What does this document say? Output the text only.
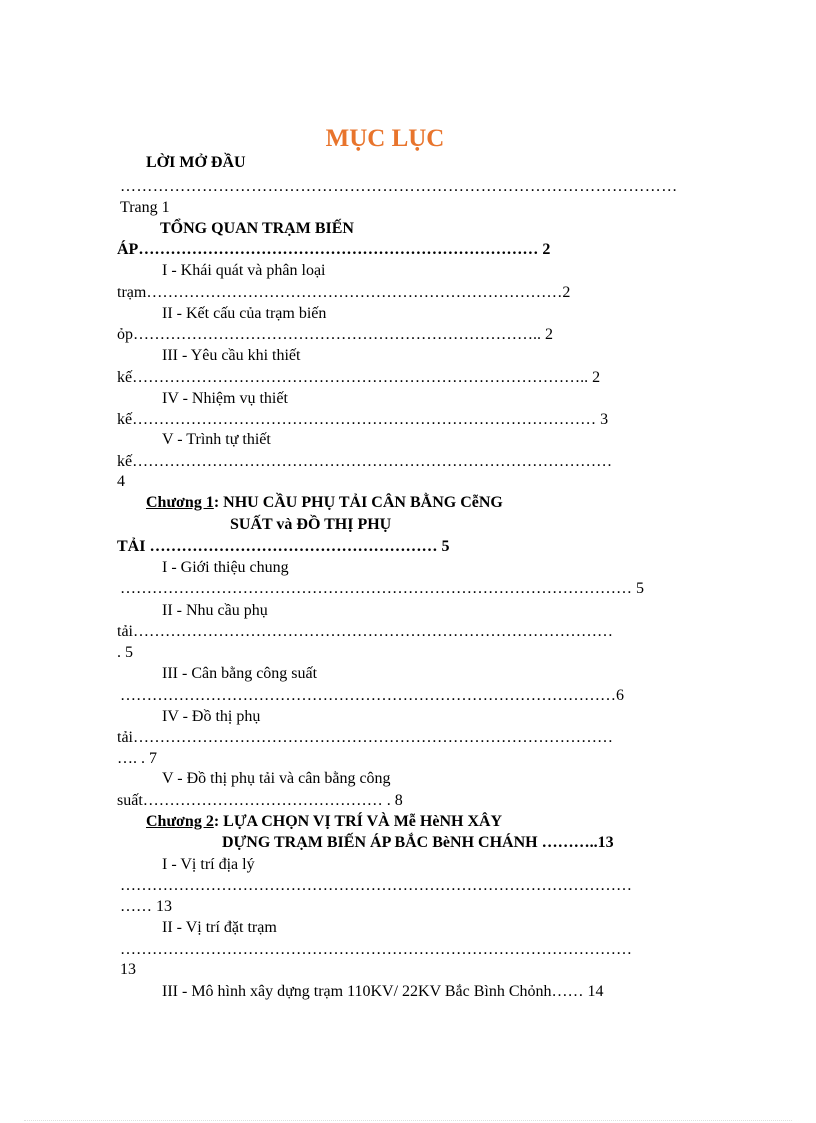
MỤC LỤC
LỜI MỞ ĐẦU
…………………………………………………………………………………………
Trang 1
TỔNG QUAN TRẠM BIẾN
ÁP………………………………………………………………… 2
I - Khái quát và phân loại
trạm……………………………………………………………………2
II - Kết cấu của trạm biến
ỏp………………………………………………………………….. 2
III - Yêu cầu khi thiết
kế………………………………………………………………………….. 2
IV - Nhiệm vụ thiết
kế…………………………………………………………………………… 3
V - Trình tự thiết
kế………………………………………………………………………………
4
Chương 1: NHU CẦU PHỤ TẢI CÂN BẰNG CễNG
SUẤT và ĐỒ THỊ PHỤ
TẢI ……………………………………………… 5
I - Giới thiệu chung
…………………………………………………………………………………… 5
II - Nhu cầu phụ
tải………………………………………………………………………………
. 5
III - Cân bằng công suất
…………………………………………………………………………………6
IV - Đồ thị phụ
tải………………………………………………………………………………
…. . 7
V - Đồ thị phụ tải và cân bằng công
suất……………………………………… . 8
Chương 2: LỰA CHỌN VỊ TRÍ VÀ Mễ HèNH XÂY
DỰNG TRẠM BIẾN ÁP BẮC BèNH CHÁNH ………..13
I - Vị trí địa lý
……………………………………………………………………………………
…… 13
II - Vị trí đặt trạm
……………………………………………………………………………………
13
III - Mô hình xây dựng trạm 110KV/ 22KV Bắc Bình Chỏnh…… 14
